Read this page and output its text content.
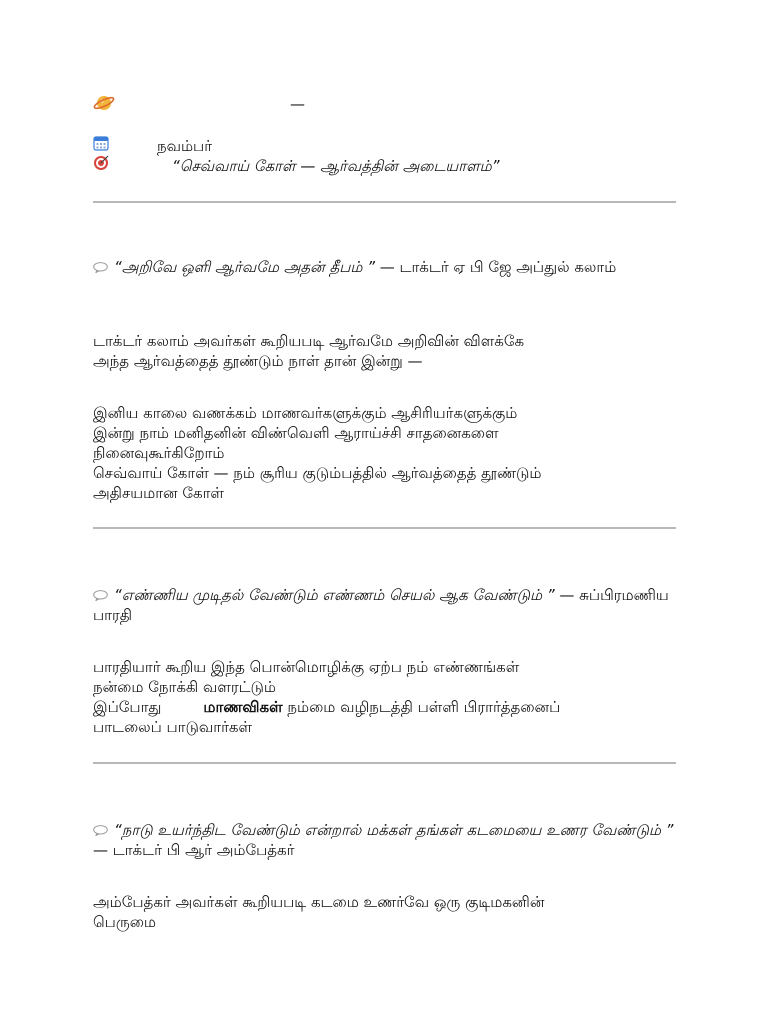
—
நவம்பர்
“செவ்வாய் கோள் — ஆர்வத்தின் அடையாளம்”

“அறிவே ஒளி ஆர்வமே அதன் தீபம் ” — டாக்டர் ஏ பி ஜே அப்துல் கலாம்

டாக்டர் கலாம் அவர்கள் கூறியபடி ஆர்வமே அறிவின் விளக்கே

அந்த ஆர்வத்தைத் தூண்டும் நாள் தான் இன்று —

இனிய காலை வணக்கம் மாணவர்களுக்கும் ஆசிரியர்களுக்கும்

இன்று நாம் மனிதனின் விண்வெளி ஆராய்ச்சி சாதனைகளை

நினைவுகூர்கிறோம்

செவ்வாய் கோள் — நம் சூரிய குடும்பத்தில் ஆர்வத்தைத் தூண்டும்

அதிசயமான கோள்

“எண்ணிய முடிதல் வேண்டும் எண்ணம் செயல் ஆக வேண்டும் ” — சுப்பிரமணிய பாரதி

பாரதியார் கூறிய இந்த பொன்மொழிக்கு ஏற்ப நம் எண்ணங்கள்

நன்மை நோக்கி வளரட்டும்

இப்போது	மாணவிகள் நம்மை வழிநடத்தி பள்ளி பிரார்த்தனைப்

பாடலைப் பாடுவார்கள்

“நாடு உயர்ந்திட வேண்டும் என்றால் மக்கள் தங்கள் கடமையை உணர வேண்டும் ” — டாக்டர் பி ஆர் அம்பேத்கர்

அம்பேத்கர் அவர்கள் கூறியபடி கடமை உணர்வே ஒரு குடிமகனின்

பெருமை
